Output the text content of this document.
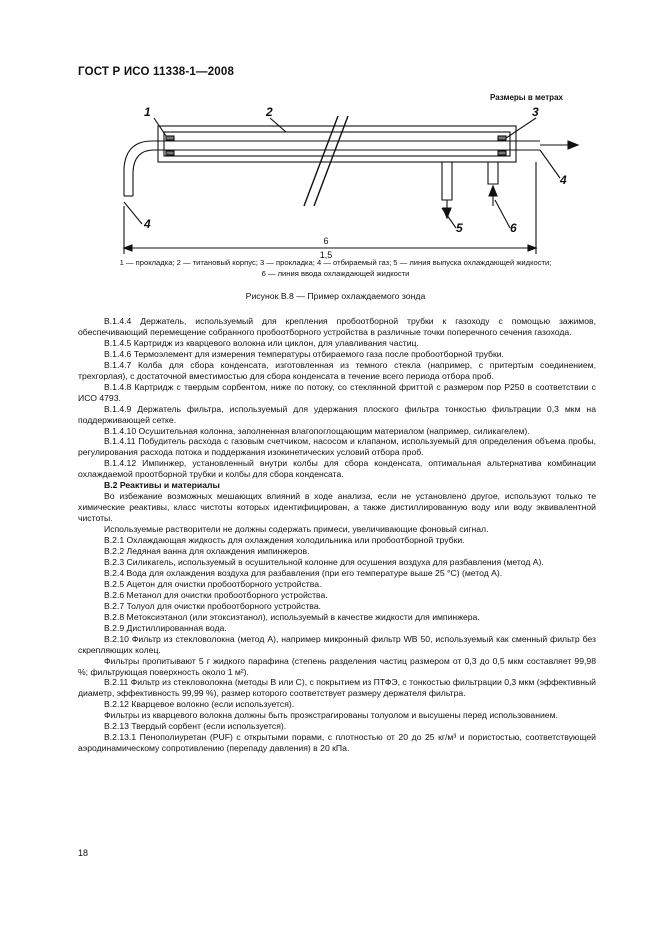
ГОСТ Р ИСО 11338-1—2008
1	2	3
4
4
5	6
Размеры в метрах
6
1,5
1 — прокладка; 2 — титановый корпус; 3 — прокладка; 4 — отбираемый газ; 5 — линия выпуска охлаждающей жидкости;
6 — линия ввода охлаждающей жидкости
Рисунок В.8 — Пример охлаждаемого зонда

В.1.4.4 Держатель, используемый для крепления пробоотборной трубки к газоходу с помощью зажимов, обеспечивающий перемещение собранного пробоотборного устройства в различные точки поперечного сечения газохода.

В.1.4.5 Картридж из кварцевого волокна или циклон, для улавливания частиц.

В.1.4.6 Термоэлемент для измерения температуры отбираемого газа после пробоотборной трубки.

В.1.4.7 Колба для сбора конденсата, изготовленная из темного стекла (например, с притертым соединением, трехгорлая), с достаточной вместимостью для сбора конденсата в течение всего периода отбора проб.

В.1.4.8 Картридж с твердым сорбентом, ниже по потоку, со стеклянной фриттой с размером пор Р250 в соответствии с ИСО 4793.

В.1.4.9 Держатель фильтра, используемый для удержания плоского фильтра тонкостью фильтрации 0,3 мкм на поддерживающей сетке.

В.1.4.10 Осушительная колонна, заполненная влагопоглощающим материалом (например, силикагелем).

В.1.4.11 Побудитель расхода с газовым счетчиком, насосом и клапаном, используемый для определения объема пробы, регулирования расхода потока и поддержания изокинетических условий отбора проб.

В.1.4.12 Импинжер, установленный внутри колбы для сбора конденсата, оптимальная альтернатива комбинации охлаждаемой проотборной трубки и колбы для сбора конденсата.

В.2 Реактивы и материалы

Во избежание возможных мешающих влияний в ходе анализа, если не установлено другое, используют только те химические реактивы, класс чистоты которых идентифицирован, а также дистиллированную воду или воду эквивалентной чистоты.

Используемые растворители не должны содержать примеси, увеличивающие фоновый сигнал.

В.2.1 Охлаждающая жидкость для охлаждения холодильника или пробоотборной трубки.

В.2.2 Ледяная ванна для охлаждения импинжеров.

В.2.3 Силикагель, используемый в осушительной колонне для осушения воздуха для разбавления (метод А).

В.2.4 Вода для охлаждения воздуха для разбавления (при его температуре выше 25 °С) (метод А).

В.2.5 Ацетон для очистки пробоотборного устройства.

В.2.6 Метанол для очистки пробоотборного устройства.

В.2.7 Толуол для очистки пробоотборного устройства.

В.2.8 Метоксиэтанол (или этоксиэтанол), используемый в качестве жидкости для импинжера.

В.2.9 Дистиллированная вода.

В.2.10 Фильтр из стекловолокна (метод А), например микронный фильтр WB 50, используемый как сменный фильтр без скрепляющих колец.

Фильтры пропитывают 5 г жидкого парафина (степень разделения частиц размером от 0,3 до 0,5 мкм составляет 99,98 %; фильтрующая поверхность около 1 м²).

В.2.11 Фильтр из стекловолокна (методы В или С), с покрытием из ПТФЭ, с тонкостью фильтрации 0,3 мкм (эффективный диаметр, эффективность 99,99 %), размер которого соответствует размеру держателя фильтра.

В.2.12 Кварцевое волокно (если используется).

Фильтры из кварцевого волокна должны быть проэкстрагированы толуолом и высушены перед использованием.

В.2.13 Твердый сорбент (если используется).

В.2.13.1 Пенополиуретан (PUF) с открытыми порами, с плотностью от 20 до 25 кг/м³ и пористостью, соответствующей аэродинамическому сопротивлению (перепаду давления) в 20 кПа.

18
